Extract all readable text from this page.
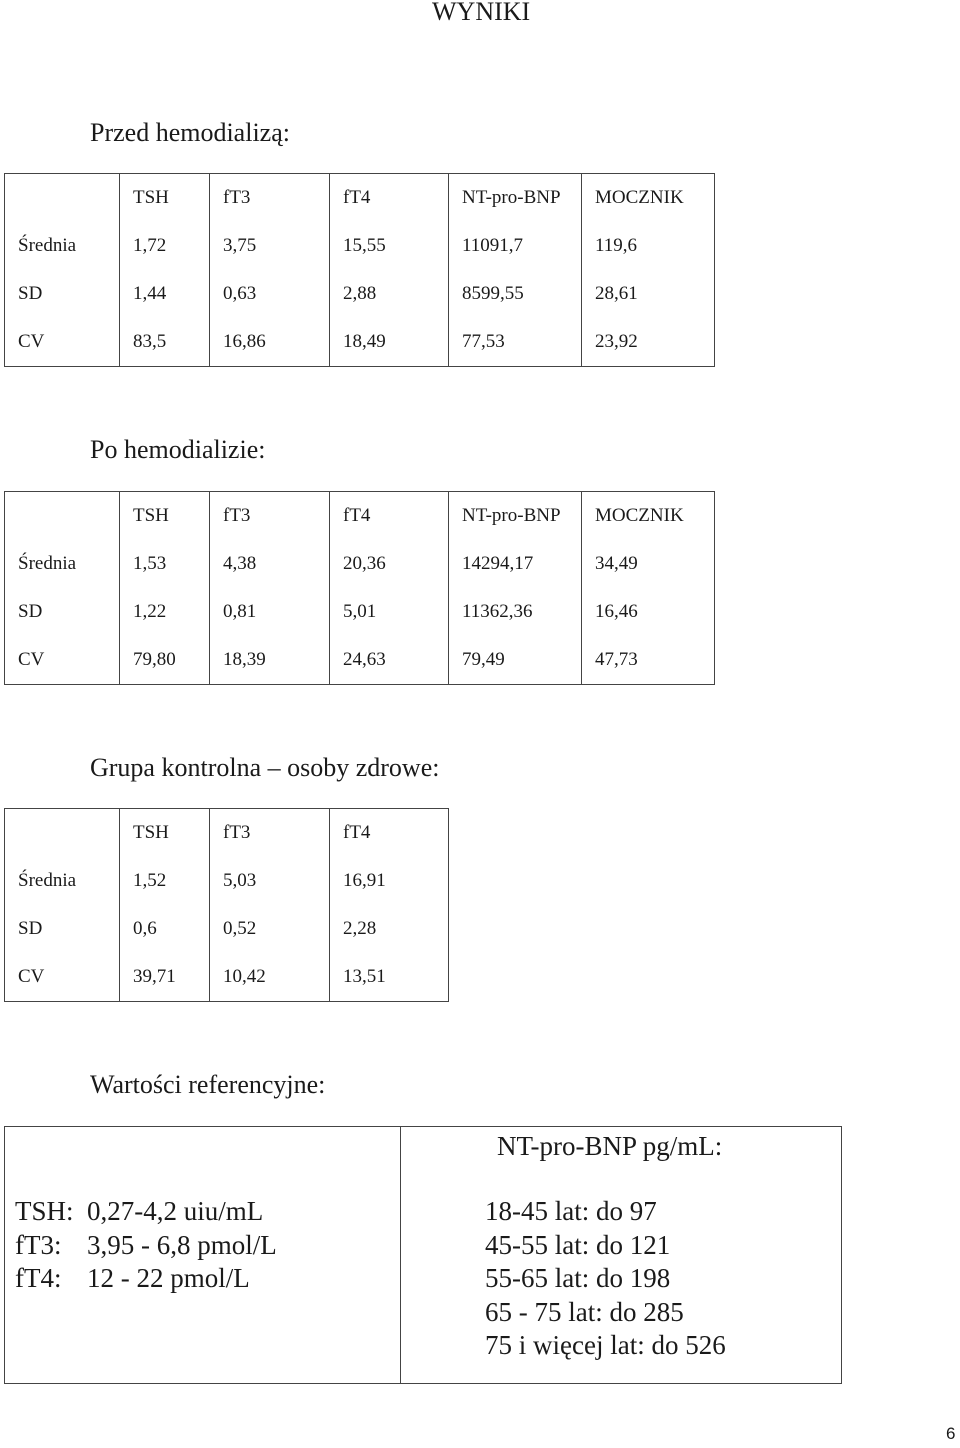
WYNIKI
Przed hemodializą:
	TSH	fT3	fT4	NT-pro-BNP	MOCZNIK
Średnia	1,72	3,75	15,55	11091,7	119,6
SD	1,44	0,63	2,88	8599,55	28,61
CV	83,5	16,86	18,49	77,53	23,92
Po hemodializie:
	TSH	fT3	fT4	NT-pro-BNP	MOCZNIK
Średnia	1,53	4,38	20,36	14294,17	34,49
SD	1,22	0,81	5,01	11362,36	16,46
CV	79,80	18,39	24,63	79,49	47,73
Grupa kontrolna – osoby zdrowe:
	TSH	fT3	fT4
Średnia	1,52	5,03	16,91
SD	0,6	0,52	2,28
CV	39,71	10,42	13,51
Wartości referencyjne:
TSH: 0,27-4,2 uiu/mL
fT3: 3,95 - 6,8 pmol/L
fT4: 12 - 22 pmol/L

NT-pro-BNP pg/mL:
18-45 lat: do 97
45-55 lat: do 121
55-65 lat: do 198
65 - 75 lat: do 285
75 i więcej lat: do 526
6
